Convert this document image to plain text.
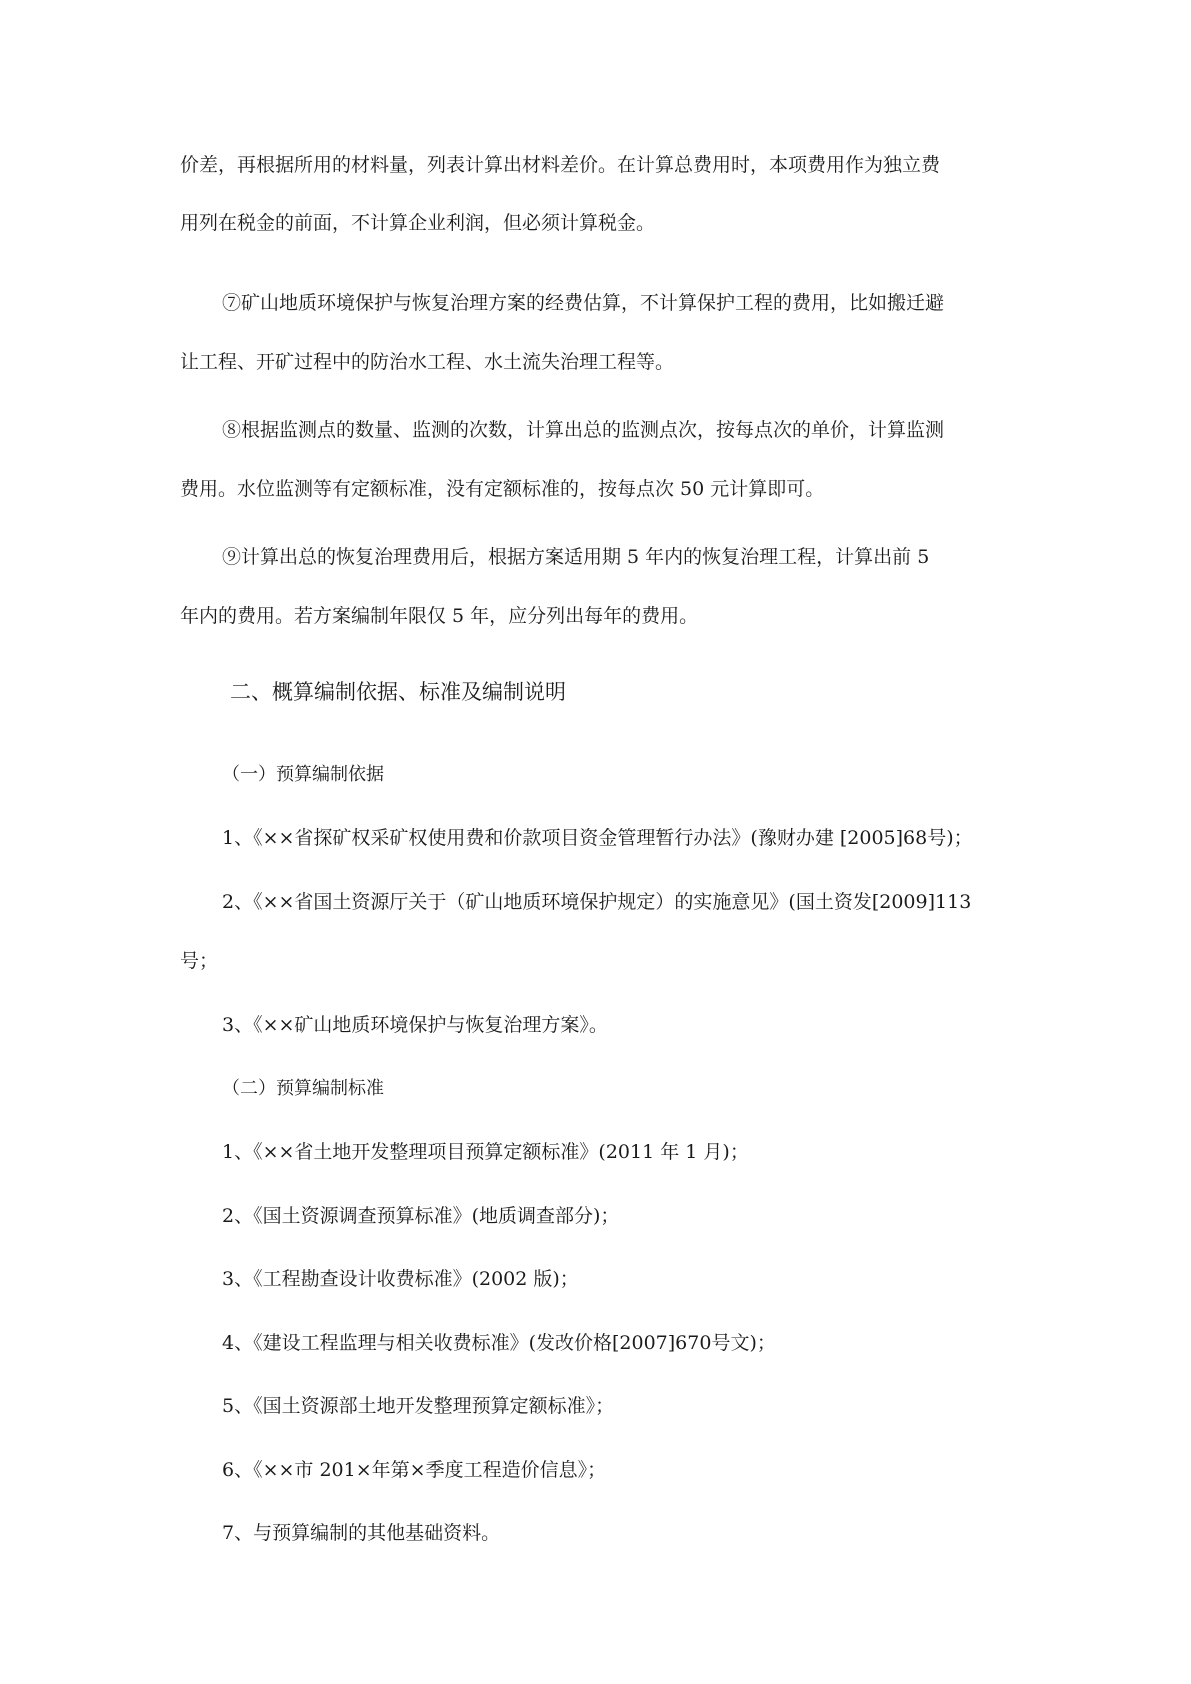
价差，再根据所用的材料量，列表计算出材料差价。在计算总费用时，本项费用作为独立费
用列在税金的前面，不计算企业利润，但必须计算税金。
⑦矿山地质环境保护与恢复治理方案的经费估算，不计算保护工程的费用，比如搬迁避
让工程、开矿过程中的防治水工程、水土流失治理工程等。
⑧根据监测点的数量、监测的次数，计算出总的监测点次，按每点次的单价，计算监测
费用。水位监测等有定额标准，没有定额标准的，按每点次 50 元计算即可。
⑨计算出总的恢复治理费用后，根据方案适用期 5 年内的恢复治理工程，计算出前 5
年内的费用。若方案编制年限仅 5 年，应分列出每年的费用。
二、概算编制依据、标准及编制说明
（一）预算编制依据
1、《××省探矿权采矿权使用费和价款项目资金管理暂行办法》(豫财办建 [2005]68号)；
2、《××省国土资源厅关于（矿山地质环境保护规定）的实施意见》(国土资发[2009]113
号；
3、《××矿山地质环境保护与恢复治理方案》。
（二）预算编制标准
1、《××省土地开发整理项目预算定额标准》(2011 年 1 月)；
2、《国土资源调查预算标准》(地质调查部分)；
3、《工程勘查设计收费标准》(2002 版)；
4、《建设工程监理与相关收费标准》(发改价格[2007]670号文)；
5、《国土资源部土地开发整理预算定额标准》；
6、《××市 201×年第×季度工程造价信息》；
7、与预算编制的其他基础资料。
